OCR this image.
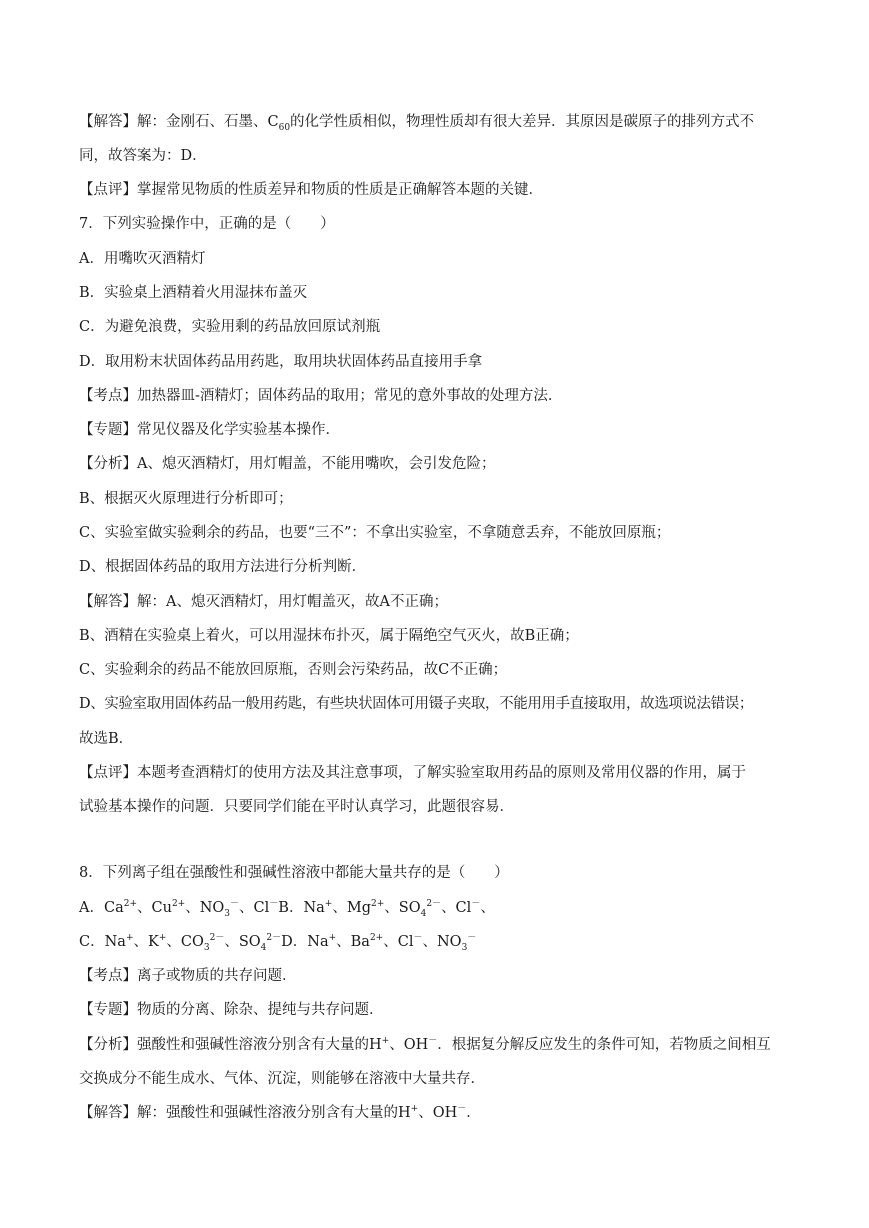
【解答】解：金刚石、石墨、$C_{60}$的化学性质相似，物理性质却有很大差异．其原因是碳原子的排列方式不
同，故答案为：D．
【点评】掌握常见物质的性质差异和物质的性质是正确解答本题的关键．
7．下列实验操作中，正确的是（　　）
A．用嘴吹灭酒精灯
B．实验桌上酒精着火用湿抹布盖灭
C．为避免浪费，实验用剩的药品放回原试剂瓶
D．取用粉末状固体药品用药匙，取用块状固体药品直接用手拿
【考点】加热器皿-酒精灯；固体药品的取用；常见的意外事故的处理方法．
【专题】常见仪器及化学实验基本操作．
【分析】A、熄灭酒精灯，用灯帽盖，不能用嘴吹，会引发危险；
B、根据灭火原理进行分析即可；
C、实验室做实验剩余的药品，也要“三不”：不拿出实验室，不拿随意丢弃，不能放回原瓶；
D、根据固体药品的取用方法进行分析判断．
【解答】解：A、熄灭酒精灯，用灯帽盖灭，故A不正确；
B、酒精在实验桌上着火，可以用湿抹布扑灭，属于隔绝空气灭火，故B正确；
C、实验剩余的药品不能放回原瓶，否则会污染药品，故C不正确；
D、实验室取用固体药品一般用药匙，有些块状固体可用镊子夹取，不能用用手直接取用，故选项说法错误；
故选B．
【点评】本题考查酒精灯的使用方法及其注意事项，了解实验室取用药品的原则及常用仪器的作用，属于
试验基本操作的问题．只要同学们能在平时认真学习，此题很容易．
8．下列离子组在强酸性和强碱性溶液中都能大量共存的是（　　）
A．$Ca^{2+}$、$Cu^{2+}$、$NO_3^-$、Cl－B．Na+、$Mg^{2+}$、$SO_4^{2-}$、Cl－、
C．Na+、K+、$CO_3^{2-}$、$SO_4^{2-}D$．Na+、$Ba^{2+}$、Cl－、$NO_3^-$
【考点】离子或物质的共存问题．
【专题】物质的分离、除杂、提纯与共存问题．
【分析】强酸性和强碱性溶液分别含有大量的H+、OH－．根据复分解反应发生的条件可知，若物质之间相互
交换成分不能生成水、气体、沉淀，则能够在溶液中大量共存．
【解答】解：强酸性和强碱性溶液分别含有大量的H+、OH－．
